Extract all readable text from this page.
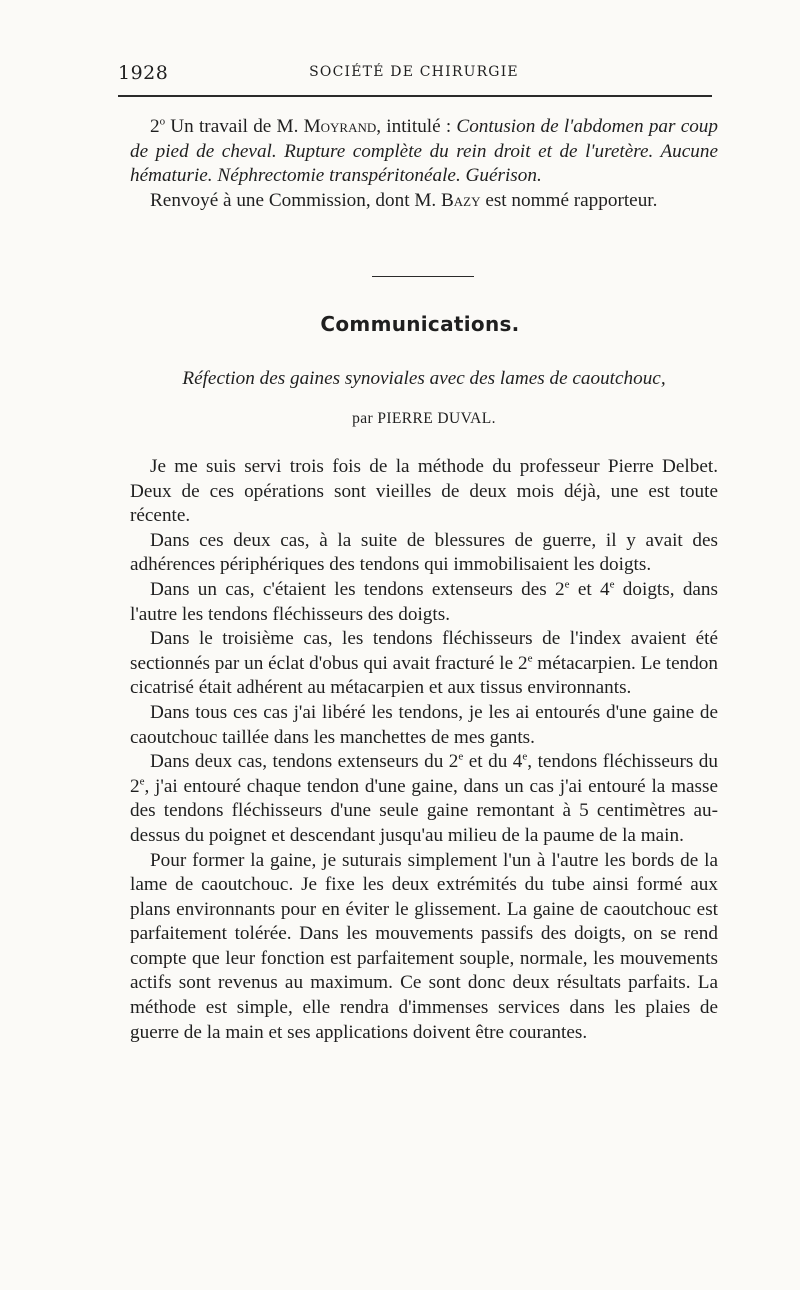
1928	SOCIÉTÉ DE CHIRURGIE

2$^o$ Un travail de M. Moyrand, intitulé : Contusion de l'abdomen par coup de pied de cheval. Rupture complète du rein droit et de l'uretère. Aucune hématurie. Néphrectomie transpéritonéale. Guérison.

Renvoyé à une Commission, dont M. Bazy est nommé rapporteur.

Communications.
Réfection des gaines synoviales avec des lames de caoutchouc,
par PIERRE DUVAL.

Je me suis servi trois fois de la méthode du professeur Pierre Delbet. Deux de ces opérations sont vieilles de deux mois déjà, une est toute récente.

Dans ces deux cas, à la suite de blessures de guerre, il y avait des adhérences périphériques des tendons qui immobilisaient les doigts.

Dans un cas, c'étaient les tendons extenseurs des 2e et 4e doigts, dans l'autre les tendons fléchisseurs des doigts.

Dans le troisième cas, les tendons fléchisseurs de l'index avaient été sectionnés par un éclat d'obus qui avait fracturé le 2e métacarpien. Le tendon cicatrisé était adhérent au métacarpien et aux tissus environnants.

Dans tous ces cas j'ai libéré les tendons, je les ai entourés d'une gaine de caoutchouc taillée dans les manchettes de mes gants.

Dans deux cas, tendons extenseurs du 2e et du 4e, tendons fléchisseurs du 2e, j'ai entouré chaque tendon d'une gaine, dans un cas j'ai entouré la masse des tendons fléchisseurs d'une seule gaine remontant à 5 centimètres au-dessus du poignet et descendant jusqu'au milieu de la paume de la main.

Pour former la gaine, je suturais simplement l'un à l'autre les bords de la lame de caoutchouc. Je fixe les deux extrémités du tube ainsi formé aux plans environnants pour en éviter le glissement. La gaine de caoutchouc est parfaitement tolérée. Dans les mouvements passifs des doigts, on se rend compte que leur fonction est parfaitement souple, normale, les mouvements actifs sont revenus au maximum. Ce sont donc deux résultats parfaits. La méthode est simple, elle rendra d'immenses services dans les plaies de guerre de la main et ses applications doivent être courantes.
